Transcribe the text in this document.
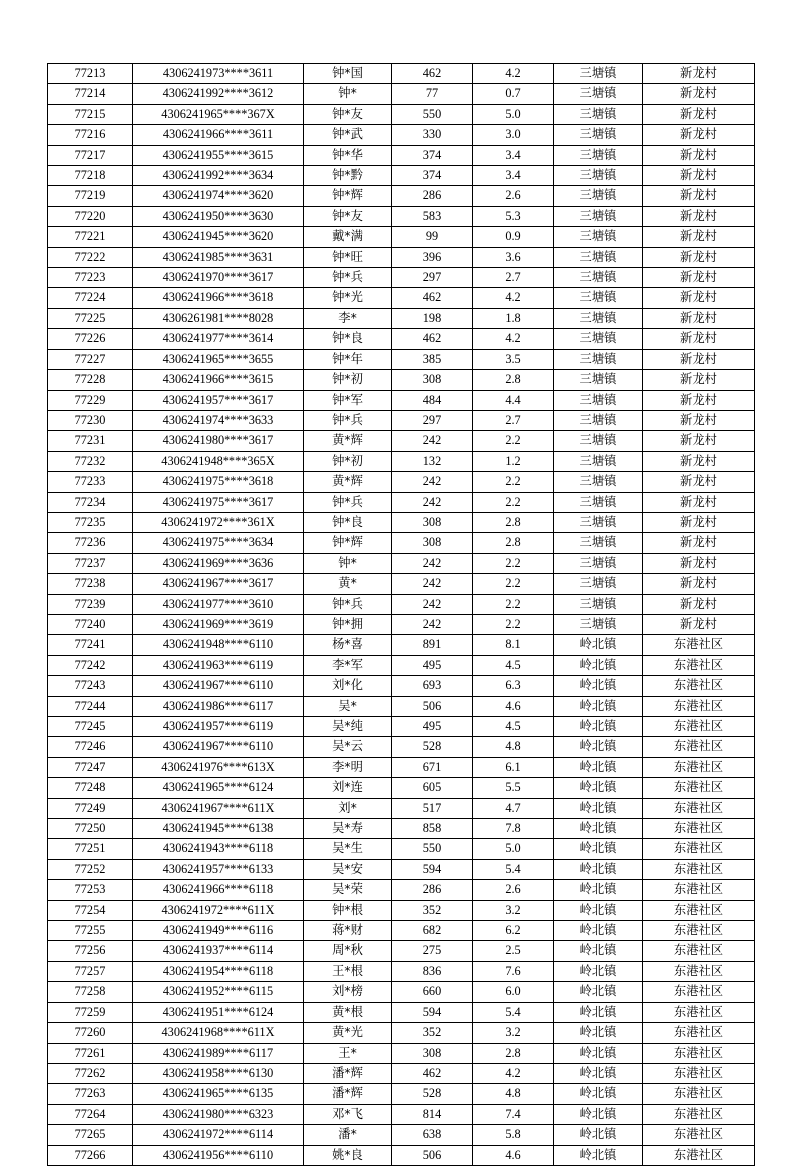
77213	4306241973****3611	钟*国	462	4.2	三塘镇	新龙村
77214	4306241992****3612	钟*	77	0.7	三塘镇	新龙村
77215	4306241965****367X	钟*友	550	5.0	三塘镇	新龙村
77216	4306241966****3611	钟*武	330	3.0	三塘镇	新龙村
77217	4306241955****3615	钟*华	374	3.4	三塘镇	新龙村
77218	4306241992****3634	钟*黔	374	3.4	三塘镇	新龙村
77219	4306241974****3620	钟*辉	286	2.6	三塘镇	新龙村
77220	4306241950****3630	钟*友	583	5.3	三塘镇	新龙村
77221	4306241945****3620	戴*满	99	0.9	三塘镇	新龙村
77222	4306241985****3631	钟*旺	396	3.6	三塘镇	新龙村
77223	4306241970****3617	钟*兵	297	2.7	三塘镇	新龙村
77224	4306241966****3618	钟*光	462	4.2	三塘镇	新龙村
77225	4306261981****8028	李*	198	1.8	三塘镇	新龙村
77226	4306241977****3614	钟*良	462	4.2	三塘镇	新龙村
77227	4306241965****3655	钟*年	385	3.5	三塘镇	新龙村
77228	4306241966****3615	钟*初	308	2.8	三塘镇	新龙村
77229	4306241957****3617	钟*军	484	4.4	三塘镇	新龙村
77230	4306241974****3633	钟*兵	297	2.7	三塘镇	新龙村
77231	4306241980****3617	黄*辉	242	2.2	三塘镇	新龙村
77232	4306241948****365X	钟*初	132	1.2	三塘镇	新龙村
77233	4306241975****3618	黄*辉	242	2.2	三塘镇	新龙村
77234	4306241975****3617	钟*兵	242	2.2	三塘镇	新龙村
77235	4306241972****361X	钟*良	308	2.8	三塘镇	新龙村
77236	4306241975****3634	钟*辉	308	2.8	三塘镇	新龙村
77237	4306241969****3636	钟*	242	2.2	三塘镇	新龙村
77238	4306241967****3617	黄*	242	2.2	三塘镇	新龙村
77239	4306241977****3610	钟*兵	242	2.2	三塘镇	新龙村
77240	4306241969****3619	钟*拥	242	2.2	三塘镇	新龙村
77241	4306241948****6110	杨*喜	891	8.1	岭北镇	东港社区
77242	4306241963****6119	李*军	495	4.5	岭北镇	东港社区
77243	4306241967****6110	刘*化	693	6.3	岭北镇	东港社区
77244	4306241986****6117	吴*	506	4.6	岭北镇	东港社区
77245	4306241957****6119	吴*纯	495	4.5	岭北镇	东港社区
77246	4306241967****6110	吴*云	528	4.8	岭北镇	东港社区
77247	4306241976****613X	李*明	671	6.1	岭北镇	东港社区
77248	4306241965****6124	刘*连	605	5.5	岭北镇	东港社区
77249	4306241967****611X	刘*	517	4.7	岭北镇	东港社区
77250	4306241945****6138	吴*寿	858	7.8	岭北镇	东港社区
77251	4306241943****6118	吴*生	550	5.0	岭北镇	东港社区
77252	4306241957****6133	吴*安	594	5.4	岭北镇	东港社区
77253	4306241966****6118	吴*荣	286	2.6	岭北镇	东港社区
77254	4306241972****611X	钟*根	352	3.2	岭北镇	东港社区
77255	4306241949****6116	蒋*财	682	6.2	岭北镇	东港社区
77256	4306241937****6114	周*秋	275	2.5	岭北镇	东港社区
77257	4306241954****6118	王*根	836	7.6	岭北镇	东港社区
77258	4306241952****6115	刘*榜	660	6.0	岭北镇	东港社区
77259	4306241951****6124	黄*根	594	5.4	岭北镇	东港社区
77260	4306241968****611X	黄*光	352	3.2	岭北镇	东港社区
77261	4306241989****6117	王*	308	2.8	岭北镇	东港社区
77262	4306241958****6130	潘*辉	462	4.2	岭北镇	东港社区
77263	4306241965****6135	潘*辉	528	4.8	岭北镇	东港社区
77264	4306241980****6323	邓*飞	814	7.4	岭北镇	东港社区
77265	4306241972****6114	潘*	638	5.8	岭北镇	东港社区
77266	4306241956****6110	姚*良	506	4.6	岭北镇	东港社区
